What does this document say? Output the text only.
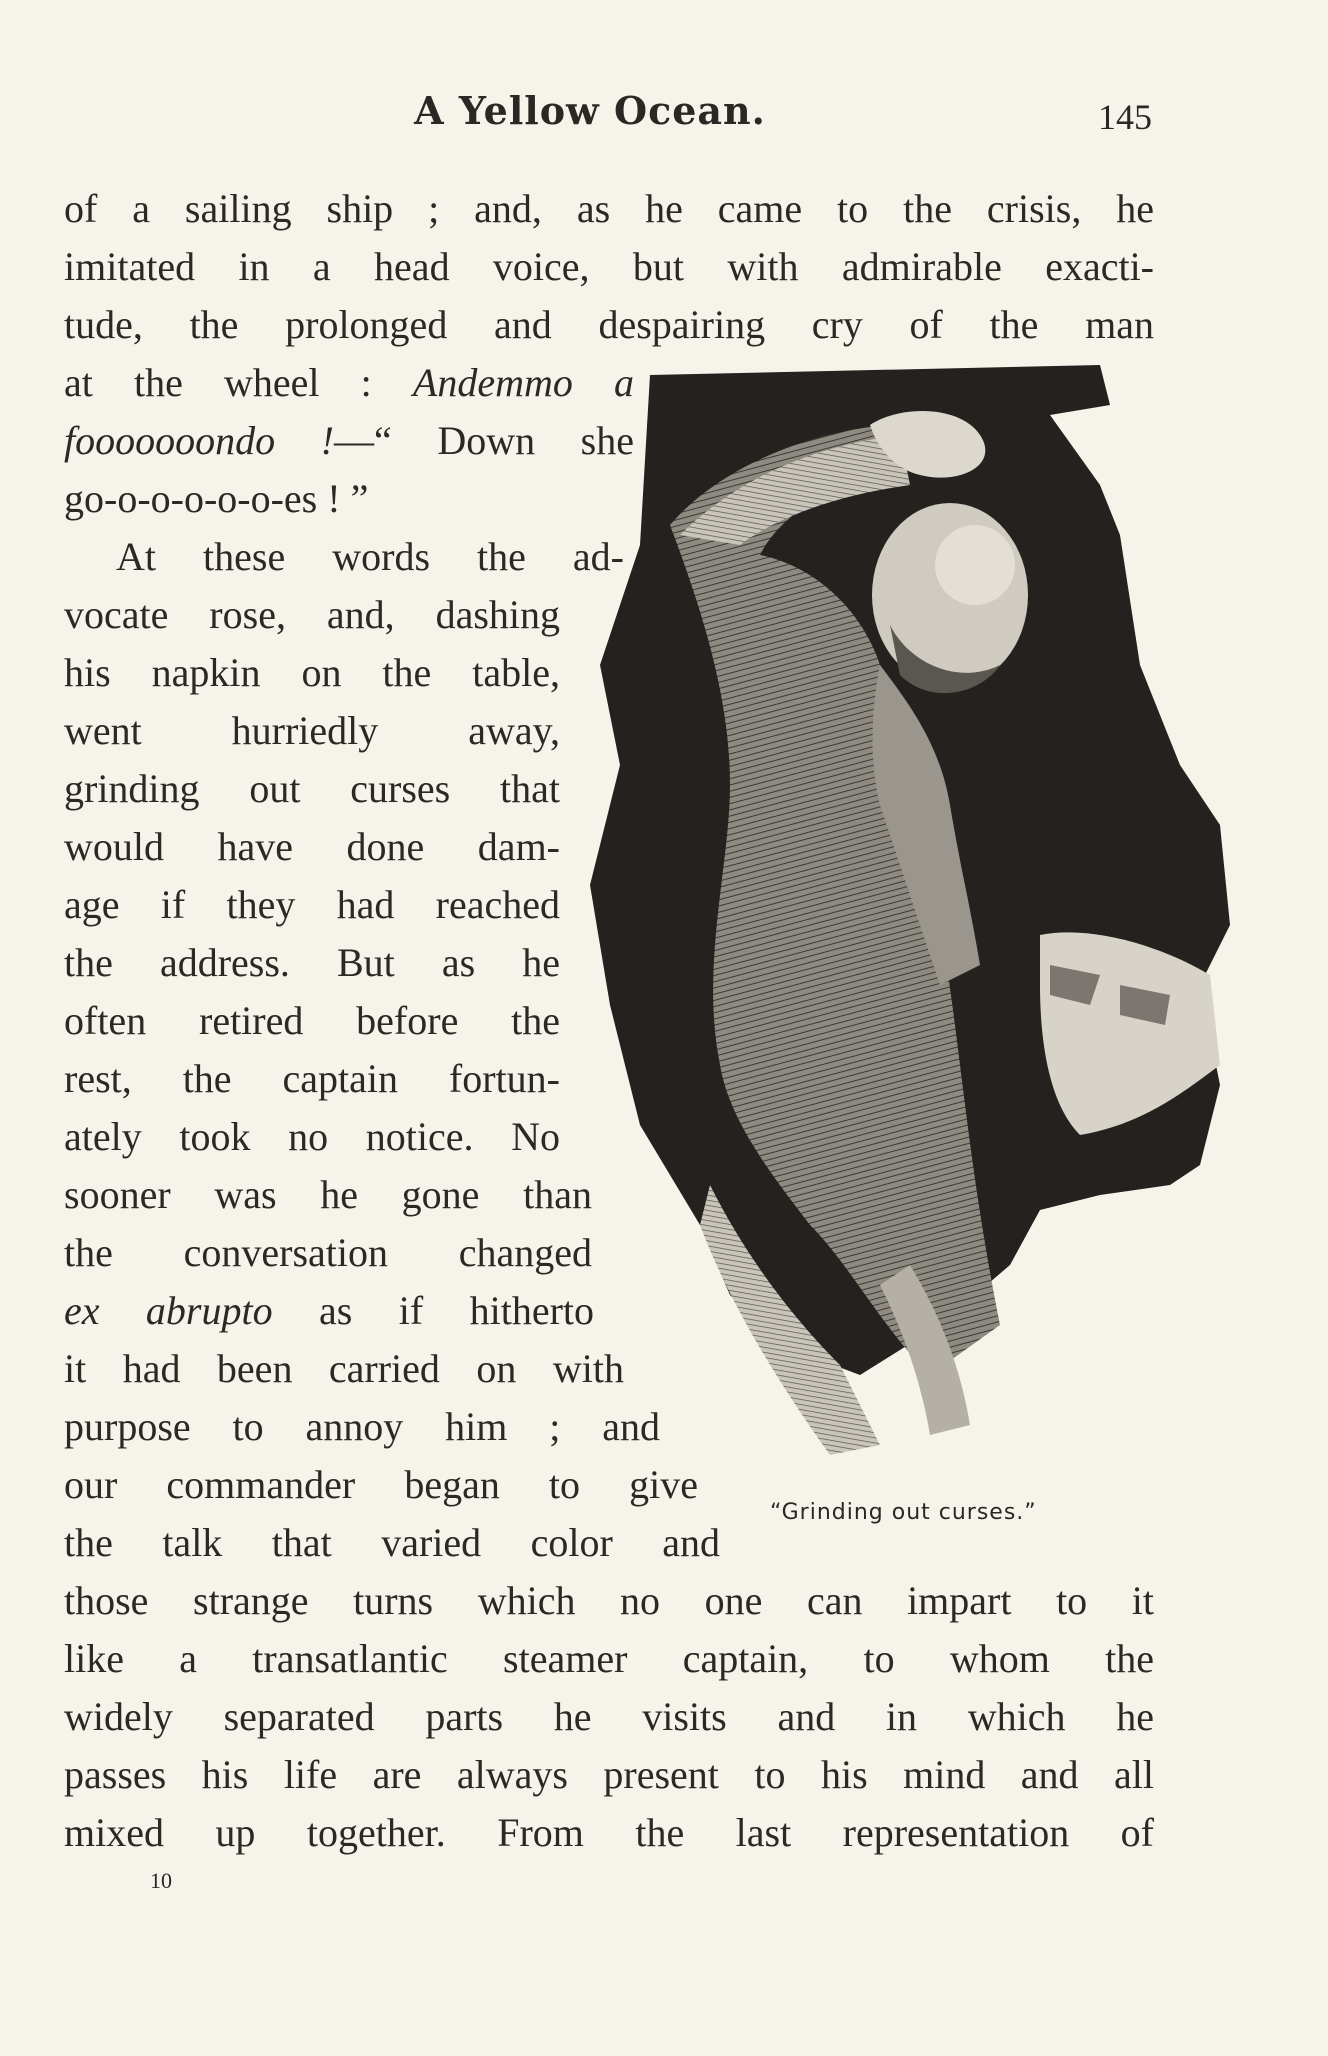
A Yellow Ocean.	145
of a sailing ship ; and, as he came to the crisis, he
imitated in a head voice, but with admirable exacti-
tude, the prolonged and despairing cry of the man
at the wheel : Andemmo a
fooooooondo !—“ Down she
go-o-o-o-o-o-es ! ”
At these words the ad-
vocate rose, and, dashing
his napkin on the table,
went hurriedly away,
grinding out curses that
would have done dam-
age if they had reached
the address. But as he
often retired before the
rest, the captain fortun-
ately took no notice. No
sooner was he gone than
the conversation changed
ex abrupto as if hitherto
it had been carried on with
purpose to annoy him ; and
our commander began to give
the talk that varied color and
those strange turns which no one can impart to it
like a transatlantic steamer captain, to whom the
widely separated parts he visits and in which he
passes his life are always present to his mind and all
mixed up together. From the last representation of
“Grinding out curses.”
10
